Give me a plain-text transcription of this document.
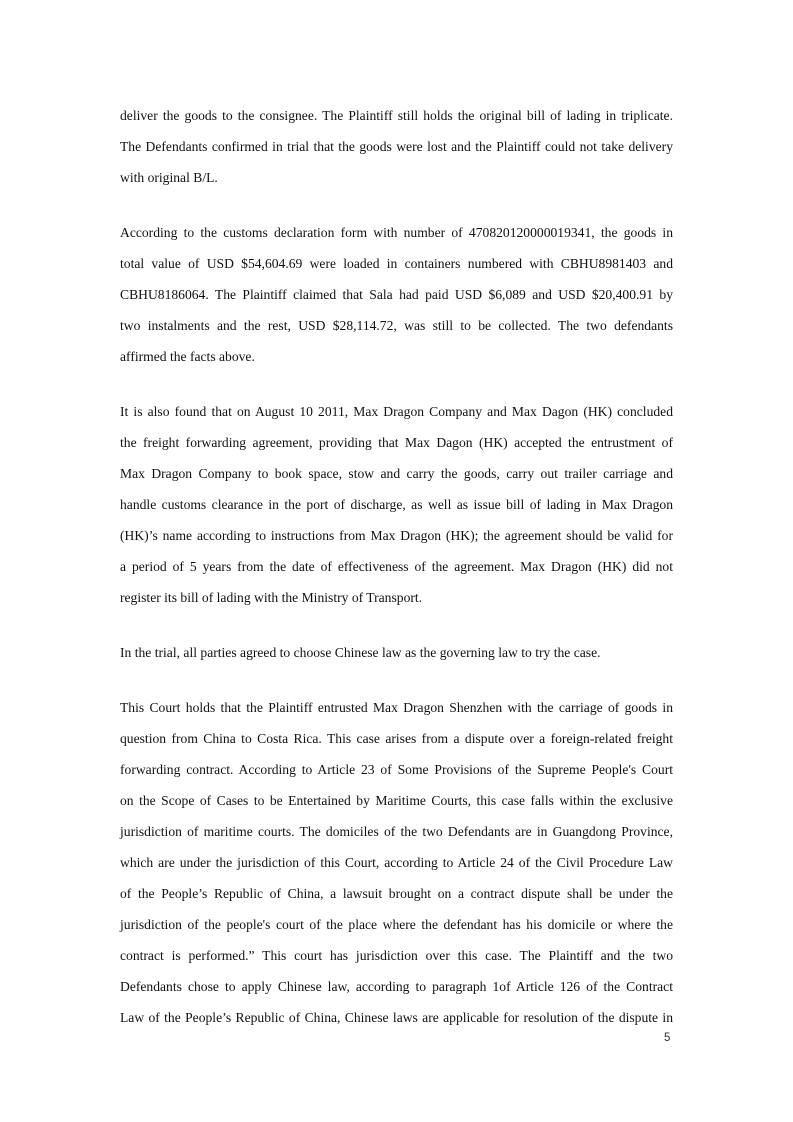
deliver the goods to the consignee. The Plaintiff still holds the original bill of lading in triplicate.
The Defendants confirmed in trial that the goods were lost and the Plaintiff could not take delivery
with original B/L.

According to the customs declaration form with number of 470820120000019341, the goods in
total value of USD $54,604.69 were loaded in containers numbered with CBHU8981403 and
CBHU8186064. The Plaintiff claimed that Sala had paid USD $6,089 and USD $20,400.91 by
two instalments and the rest, USD $28,114.72, was still to be collected. The two defendants
affirmed the facts above.

It is also found that on August 10 2011, Max Dragon Company and Max Dagon (HK) concluded
the freight forwarding agreement, providing that Max Dagon (HK) accepted the entrustment of
Max Dragon Company to book space, stow and carry the goods, carry out trailer carriage and
handle customs clearance in the port of discharge, as well as issue bill of lading in Max Dragon
(HK)’s name according to instructions from Max Dragon (HK); the agreement should be valid for
a period of 5 years from the date of effectiveness of the agreement. Max Dragon (HK) did not
register its bill of lading with the Ministry of Transport.

In the trial, all parties agreed to choose Chinese law as the governing law to try the case.

This Court holds that the Plaintiff entrusted Max Dragon Shenzhen with the carriage of goods in
question from China to Costa Rica. This case arises from a dispute over a foreign-related freight
forwarding contract. According to Article 23 of Some Provisions of the Supreme People's Court
on the Scope of Cases to be Entertained by Maritime Courts, this case falls within the exclusive
jurisdiction of maritime courts. The domiciles of the two Defendants are in Guangdong Province,
which are under the jurisdiction of this Court, according to Article 24 of the Civil Procedure Law
of the People’s Republic of China, a lawsuit brought on a contract dispute shall be under the
jurisdiction of the people's court of the place where the defendant has his domicile or where the
contract is performed.” This court has jurisdiction over this case. The Plaintiff and the two
Defendants chose to apply Chinese law, according to paragraph 1of Article 126 of the Contract
Law of the People’s Republic of China, Chinese laws are applicable for resolution of the dispute in

5
